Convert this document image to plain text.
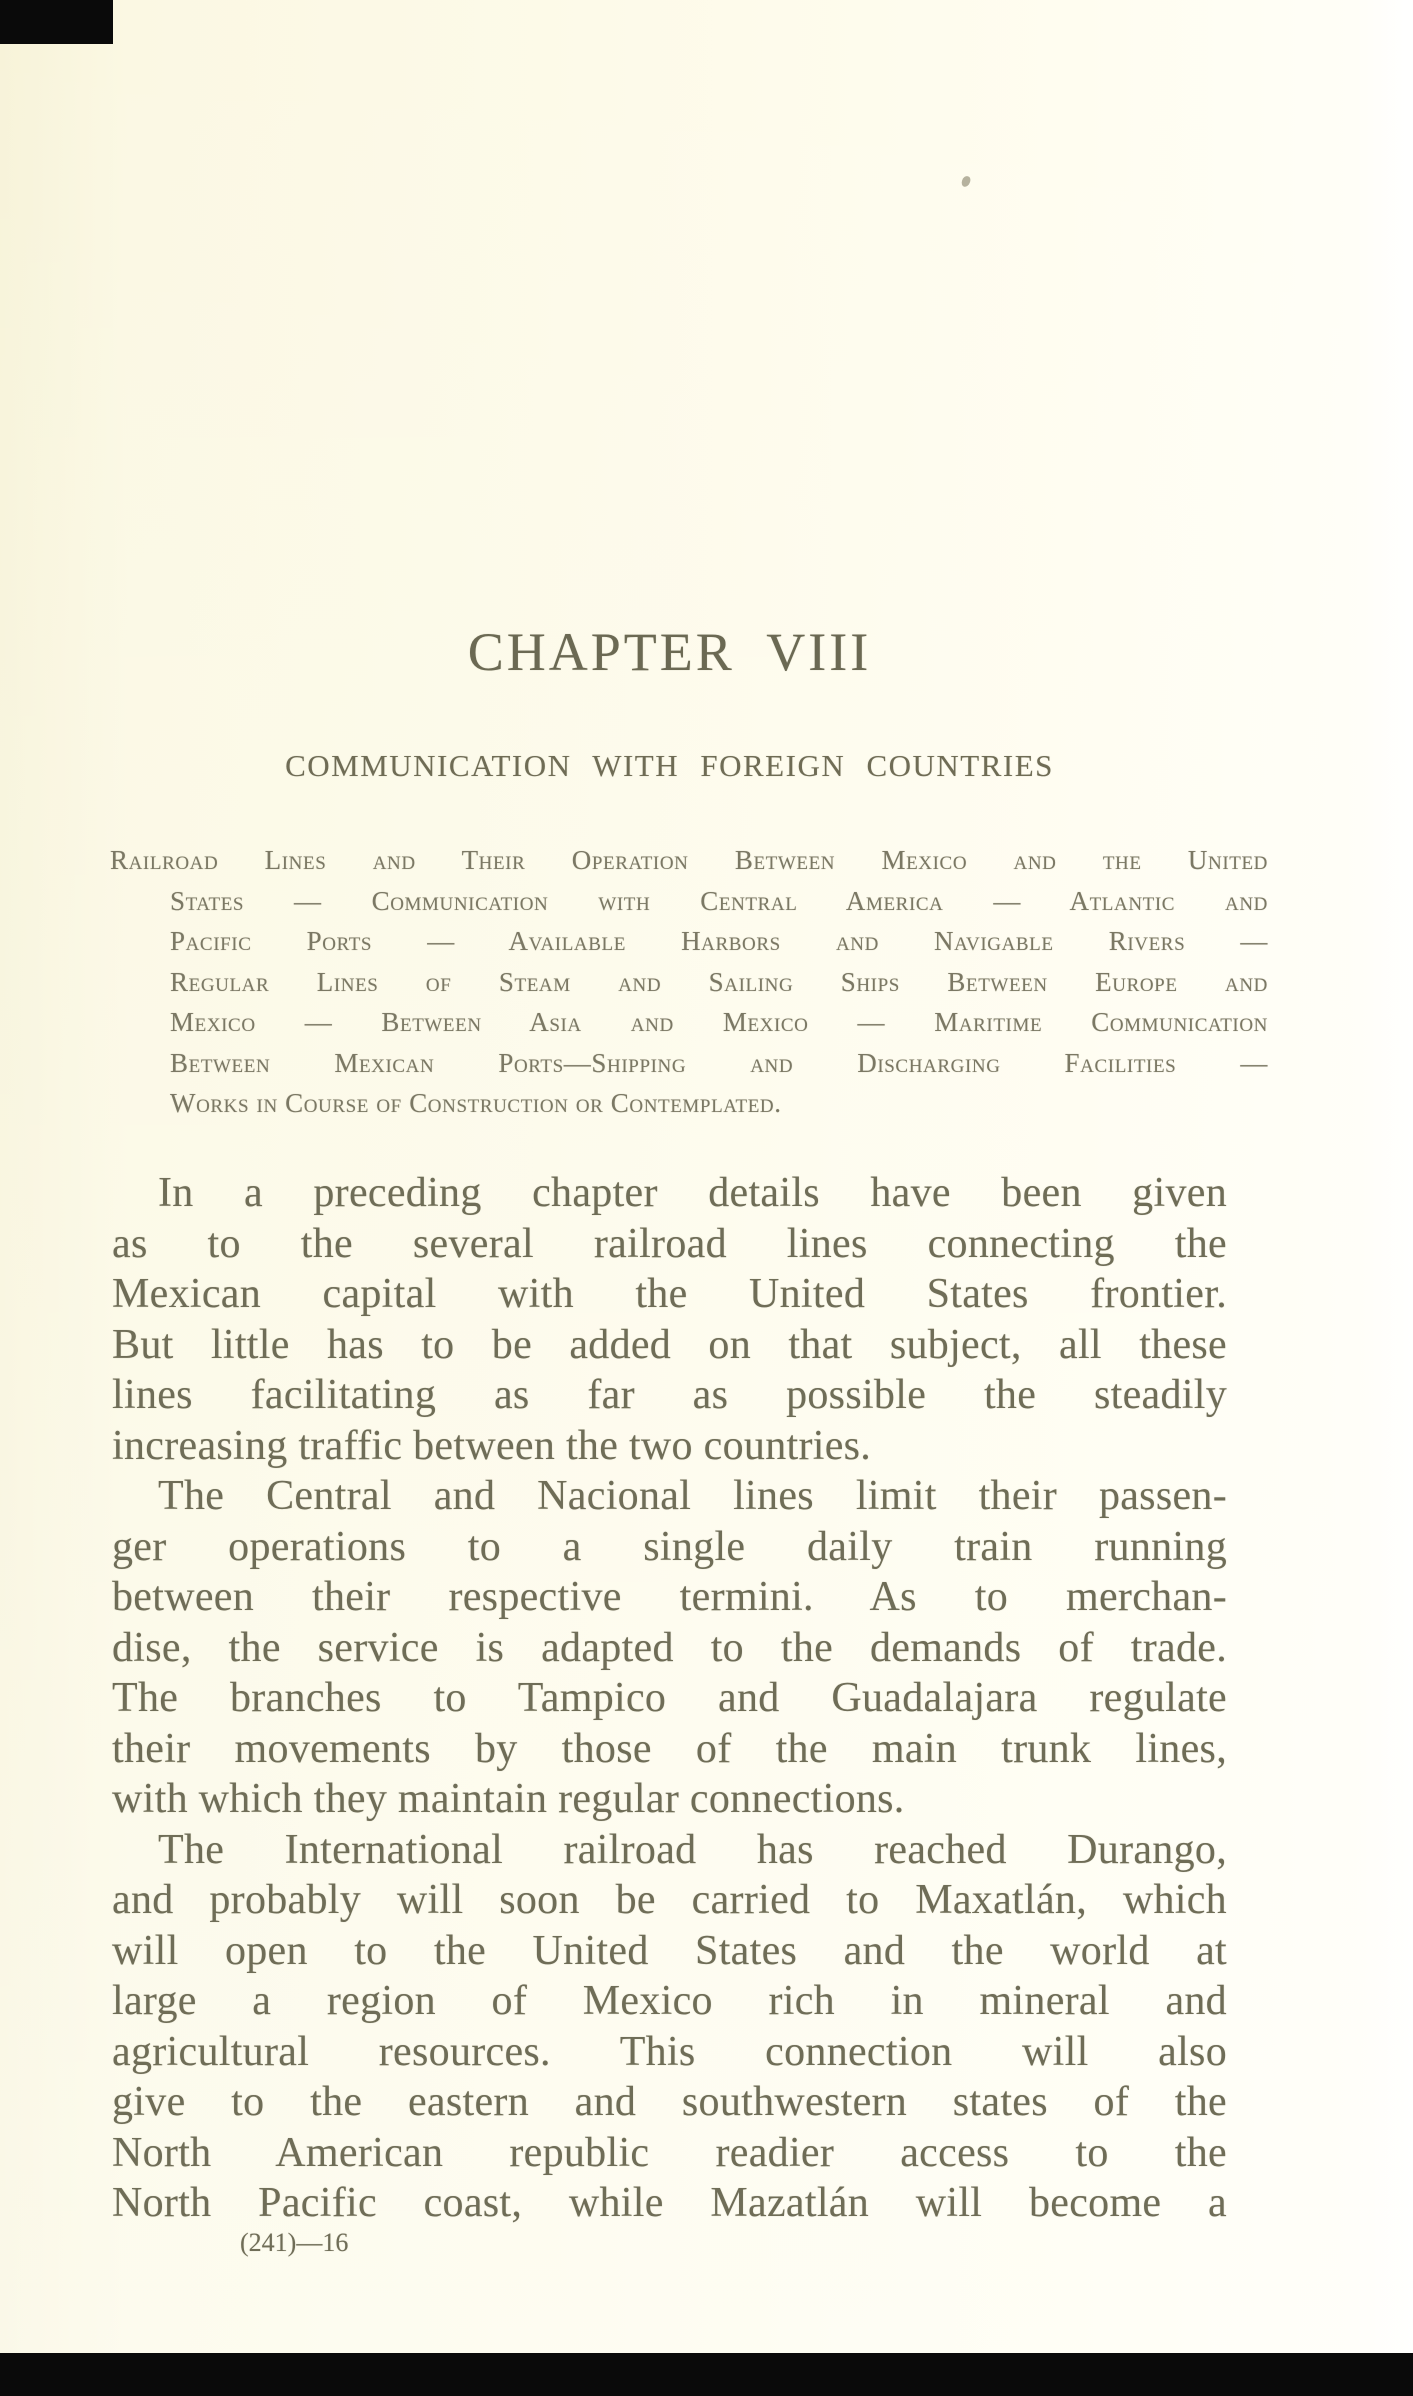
CHAPTER VIII
COMMUNICATION WITH FOREIGN COUNTRIES
Railroad Lines and Their Operation Between Mexico and the United
States — Communication with Central America — Atlantic and
Pacific Ports — Available Harbors and Navigable Rivers —
Regular Lines of Steam and Sailing Ships Between Europe and
Mexico — Between Asia and Mexico — Maritime Communication
Between Mexican Ports—Shipping and Discharging Facilities —
Works in Course of Construction or Contemplated.
In a preceding chapter details have been given
as to the several railroad lines connecting the
Mexican capital with the United States frontier.
But little has to be added on that subject, all these
lines facilitating as far as possible the steadily
increasing traffic between the two countries.
The Central and Nacional lines limit their passen-
ger operations to a single daily train running
between their respective termini. As to merchan-
dise, the service is adapted to the demands of trade.
The branches to Tampico and Guadalajara regulate
their movements by those of the main trunk lines,
with which they maintain regular connections.
The International railroad has reached Durango,
and probably will soon be carried to Maxatlán, which
will open to the United States and the world at
large a region of Mexico rich in mineral and
agricultural resources. This connection will also
give to the eastern and southwestern states of the
North American republic readier access to the
North Pacific coast, while Mazatlán will become a
(241)—16
